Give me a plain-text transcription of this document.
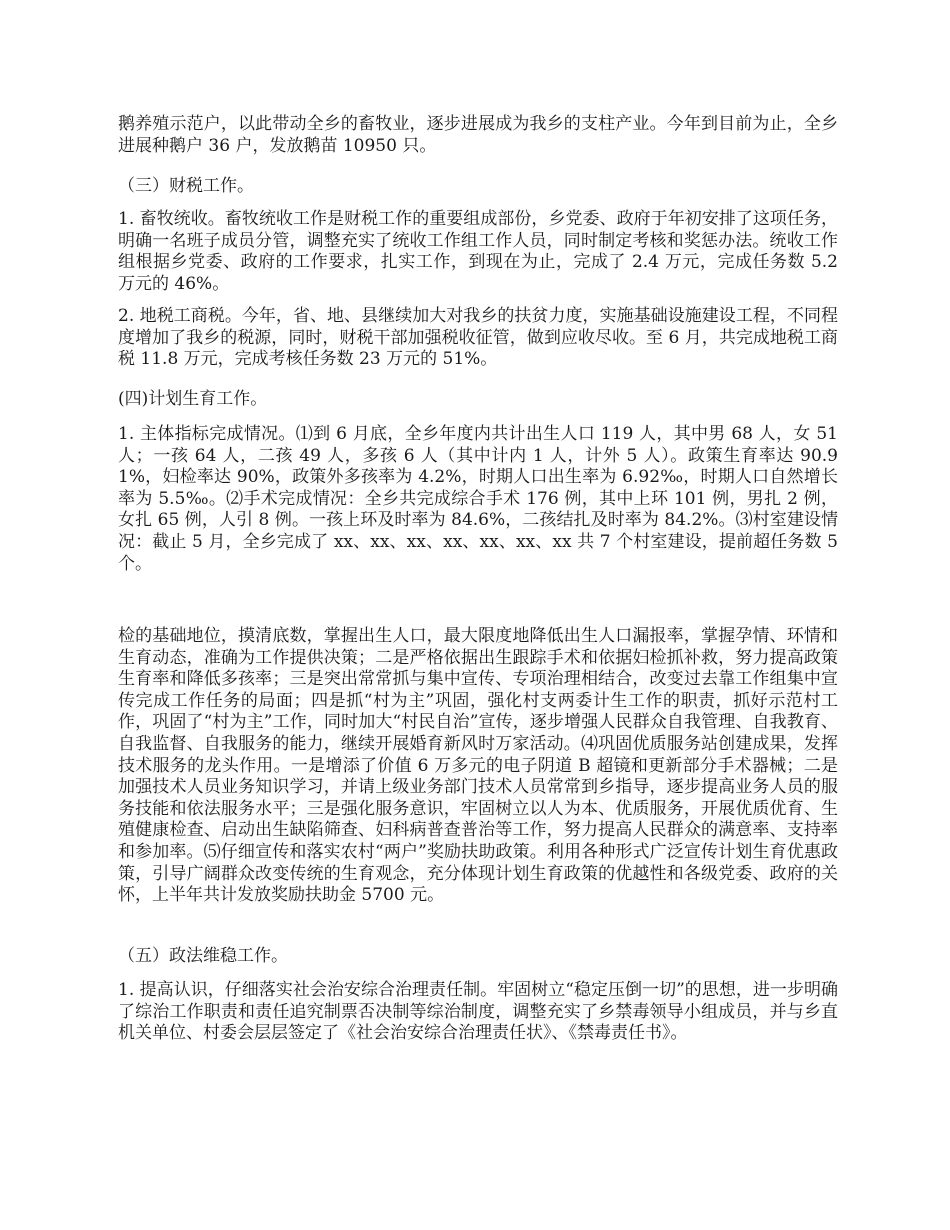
鹅养殖示范户，以此带动全乡的畜牧业，逐步进展成为我乡的支柱产业。今年到目前为止，全乡进展种鹅户 36 户，发放鹅苗 10950 只。

（三）财税工作。

1. 畜牧统收。畜牧统收工作是财税工作的重要组成部份，乡党委、政府于年初安排了这项任务，明确一名班子成员分管，调整充实了统收工作组工作人员，同时制定考核和奖惩办法。统收工作组根据乡党委、政府的工作要求，扎实工作，到现在为止，完成了 2.4 万元，完成任务数 5.2 万元的 46%。

2. 地税工商税。今年，省、地、县继续加大对我乡的扶贫力度，实施基础设施建设工程，不同程度增加了我乡的税源，同时，财税干部加强税收征管，做到应收尽收。至 6 月，共完成地税工商税 11.8 万元，完成考核任务数 23 万元的 51%。

(四)计划生育工作。

1. 主体指标完成情况。⑴到 6 月底，全乡年度内共计出生人口 119 人，其中男 68 人，女 51 人；一孩 64 人，二孩 49 人，多孩 6 人（其中计内 1 人，计外 5 人）。政策生育率达 90.91%，妇检率达 90%，政策外多孩率为 4.2%，时期人口出生率为 6.92‰，时期人口自然增长率为 5.5‰。⑵手术完成情况：全乡共完成综合手术 176 例，其中上环 101 例，男扎 2 例，女扎 65 例，人引 8 例。一孩上环及时率为 84.6%，二孩结扎及时率为 84.2%。⑶村室建设情况：截止 5 月，全乡完成了 xx、xx、xx、xx、xx、xx、xx 共 7 个村室建设，提前超任务数 5 个。

检的基础地位，摸清底数，掌握出生人口，最大限度地降低出生人口漏报率，掌握孕情、环情和生育动态，准确为工作提供决策；二是严格依据出生跟踪手术和依据妇检抓补救，努力提高政策生育率和降低多孩率；三是突出常常抓与集中宣传、专项治理相结合，改变过去靠工作组集中宣传完成工作任务的局面；四是抓“村为主”巩固，强化村支两委计生工作的职责，抓好示范村工作，巩固了“村为主”工作，同时加大“村民自治”宣传，逐步增强人民群众自我管理、自我教育、自我监督、自我服务的能力，继续开展婚育新风时万家活动。⑷巩固优质服务站创建成果，发挥技术服务的龙头作用。一是增添了价值 6 万多元的电子阴道 B 超镜和更新部分手术器械；二是加强技术人员业务知识学习，并请上级业务部门技术人员常常到乡指导，逐步提高业务人员的服务技能和依法服务水平；三是强化服务意识，牢固树立以人为本、优质服务，开展优质优育、生殖健康检查、启动出生缺陷筛查、妇科病普查普治等工作，努力提高人民群众的满意率、支持率和参加率。⑸仔细宣传和落实农村“两户”奖励扶助政策。利用各种形式广泛宣传计划生育优惠政策，引导广阔群众改变传统的生育观念，充分体现计划生育政策的优越性和各级党委、政府的关怀，上半年共计发放奖励扶助金 5700 元。

（五）政法维稳工作。

1. 提高认识，仔细落实社会治安综合治理责任制。牢固树立“稳定压倒一切”的思想，进一步明确了综治工作职责和责任追究制票否决制等综治制度，调整充实了乡禁毒领导小组成员，并与乡直机关单位、村委会层层签定了《社会治安综合治理责任状》、《禁毒责任书》。
